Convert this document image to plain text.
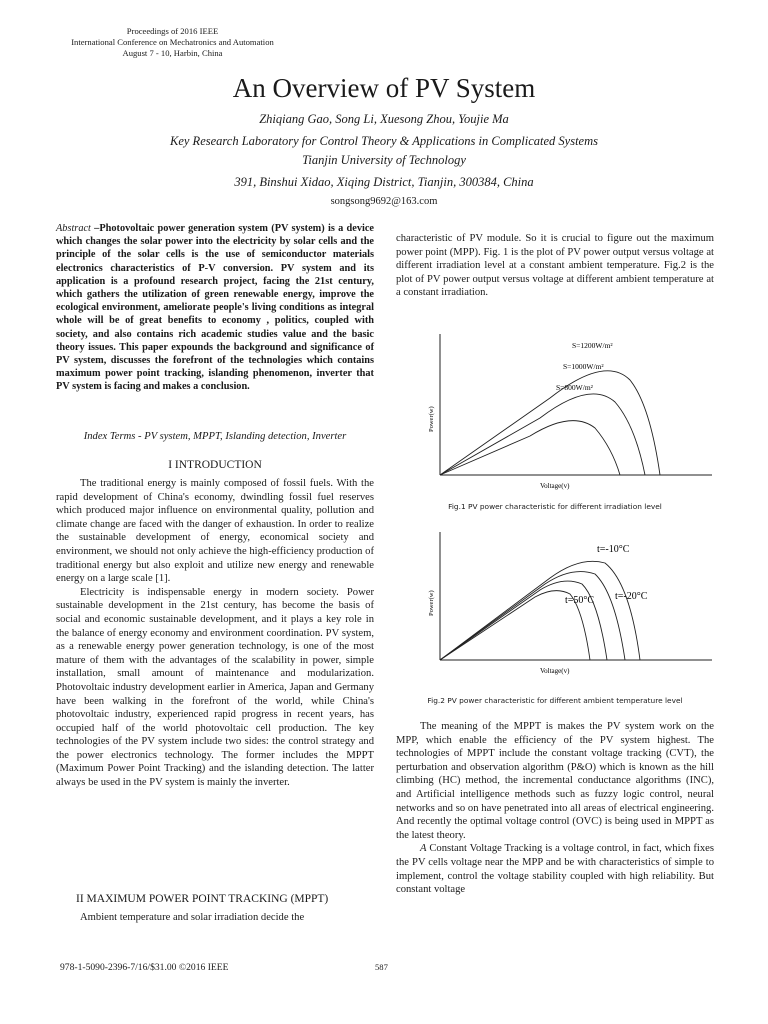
Proceedings of 2016 IEEE
International Conference on Mechatronics and Automation
August 7 - 10, Harbin, China
An Overview of PV System
Zhiqiang Gao, Song Li, Xuesong Zhou, Youjie Ma
Key Research Laboratory for Control Theory & Applications in Complicated Systems
Tianjin University of Technology
391, Binshui Xidao, Xiqing District, Tianjin, 300384, China
songsong9692@163.com
Abstract –Photovoltaic power generation system (PV system) is a device which changes the solar power into the electricity by solar cells and the principle of the solar cells is the use of semiconductor materials electronics characteristics of P-V conversion. PV system and its application is a profound research project, facing the 21st century, which gathers the utilization of green renewable energy, improve the ecological environment, ameliorate people's living conditions as integral whole will be of great benefits to economy , politics, coupled with society, and also contains rich academic studies value and the basic theory issues. This paper expounds the background and significance of PV system, discusses the forefront of the technologies which contains maximum power point tracking, islanding phenomenon, inverter that PV system is facing and makes a conclusion.
Index Terms - PV system, MPPT, Islanding detection, Inverter
I INTRODUCTION

The traditional energy is mainly composed of fossil fuels. With the rapid development of China's economy, dwindling fossil fuel reserves which produced major influence on environmental quality, pollution and climate change are faced with the danger of exhaustion. In order to realize the sustainable development of energy, economical society and environment, we should not only achieve the high-efficiency production of traditional energy but also exploit and utilize new energy and renewable energy on a large scale [1].

Electricity is indispensable energy in modern society. Power sustainable development in the 21st century, has become the basis of social and economic sustainable development, and it plays a key role in the balance of energy economy and environment coordination. PV system, as a renewable energy power generation technology, is one of the most mature of them with the advantages of the scalability in power, simple installation, small amount of maintenance and modularization. Photovoltaic industry development earlier in America, Japan and Germany have been walking in the forefront of the world, while China's photovoltaic industry, experienced rapid progress in recent years, has occupied half of the world photovoltaic cell production. The key technologies of the PV system include two sides: the control strategy and the power electronics technology. The former includes the MPPT (Maximum Power Point Tracking) and the islanding detection. The latter always be used in the PV system is mainly the inverter.

II MAXIMUM POWER POINT TRACKING (MPPT)
Ambient temperature and solar irradiation decide the
characteristic of PV module. So it is crucial to figure out the maximum power point (MPP). Fig. 1 is the plot of PV power output versus voltage at different irradiation level at a constant ambient temperature. Fig.2 is the plot of PV power output versus voltage at different ambient temperature at a constant irradiation.
S=1200W/m²
S=1000W/m²
S=800W/m²
Voltage(v)
Power(w)
Fig.1 PV power characteristic for different irradiation level
t=-10°C
t=-20°C
t=50°C
Voltage(v)
Power(w)
Fig.2 PV power characteristic for different ambient temperature level

The meaning of the MPPT is makes the PV system work on the MPP, which enable the efficiency of the PV system highest. The technologies of MPPT include the constant voltage tracking (CVT), the perturbation and observation algorithm (P&O) which is known as the hill climbing (HC) method, the incremental conductance algorithms (INC), and Artificial intelligence methods such as fuzzy logic control, neural networks and so on have penetrated into all areas of electrical engineering. And recently the optimal voltage control (OVC) is being used in MPPT as the latest theory.

A Constant Voltage Tracking is a voltage control, in fact, which fixes the PV cells voltage near the MPP and be with characteristics of simple to implement, control the voltage stability coupled with high reliability. But constant voltage

978-1-5090-2396-7/16/$31.00 ©2016 IEEE	587
